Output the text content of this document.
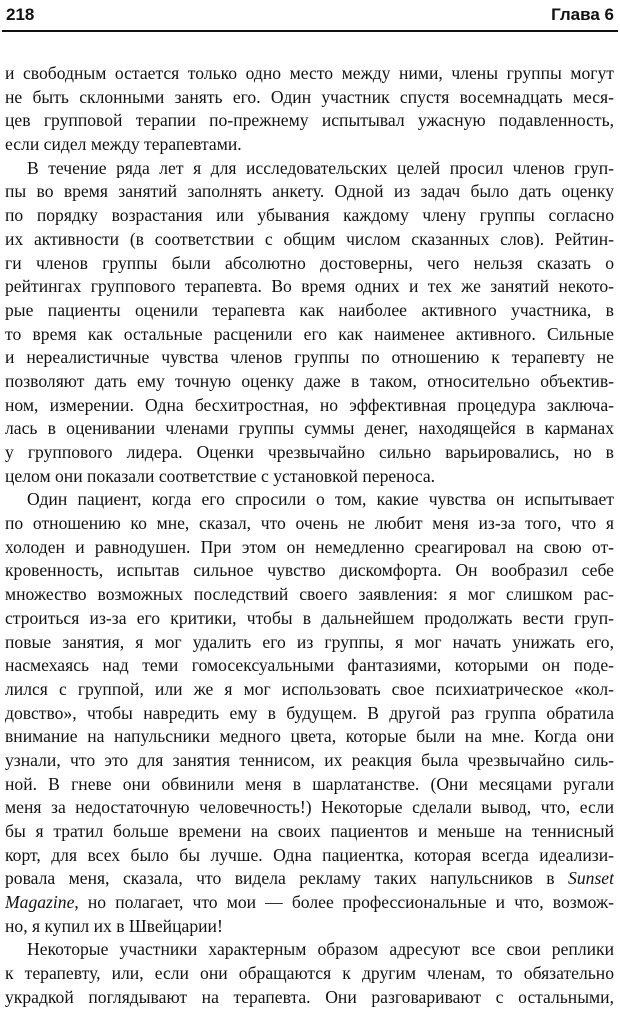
218	Глава 6
и свободным остается только одно место между ними, члены группы могут
не быть склонными занять его. Один участник спустя восемнадцать меся-
цев групповой терапии по-прежнему испытывал ужасную подавленность,
если сидел между терапевтами.
В течение ряда лет я для исследовательских целей просил членов груп-
пы во время занятий заполнять анкету. Одной из задач было дать оценку
по порядку возрастания или убывания каждому члену группы согласно
их активности (в соответствии с общим числом сказанных слов). Рейтин-
ги членов группы были абсолютно достоверны, чего нельзя сказать о
рейтингах группового терапевта. Во время одних и тех же занятий некото-
рые пациенты оценили терапевта как наиболее активного участника, в
то время как остальные расценили его как наименее активного. Сильные
и нереалистичные чувства членов группы по отношению к терапевту не
позволяют дать ему точную оценку даже в таком, относительно объектив-
ном, измерении. Одна бесхитростная, но эффективная процедура заключа-
лась в оценивании членами группы суммы денег, находящейся в карманах
у группового лидера. Оценки чрезвычайно сильно варьировались, но в
целом они показали соответствие с установкой переноса.
Один пациент, когда его спросили о том, какие чувства он испытывает
по отношению ко мне, сказал, что очень не любит меня из-за того, что я
холоден и равнодушен. При этом он немедленно среагировал на свою от-
кровенность, испытав сильное чувство дискомфорта. Он вообразил себе
множество возможных последствий своего заявления: я мог слишком рас-
строиться из-за его критики, чтобы в дальнейшем продолжать вести груп-
повые занятия, я мог удалить его из группы, я мог начать унижать его,
насмехаясь над теми гомосексуальными фантазиями, которыми он поде-
лился с группой, или же я мог использовать свое психиатрическое «кол-
довство», чтобы навредить ему в будущем. В другой раз группа обратила
внимание на напульсники медного цвета, которые были на мне. Когда они
узнали, что это для занятия теннисом, их реакция была чрезвычайно силь-
ной. В гневе они обвинили меня в шарлатанстве. (Они месяцами ругали
меня за недостаточную человечность!) Некоторые сделали вывод, что, если
бы я тратил больше времени на своих пациентов и меньше на теннисный
корт, для всех было бы лучше. Одна пациентка, которая всегда идеализи-
ровала меня, сказала, что видела рекламу таких напульсников в Sunset
Magazine, но полагает, что мои — более профессиональные и что, возмож-
но, я купил их в Швейцарии!
Некоторые участники характерным образом адресуют все свои реплики
к терапевту, или, если они обращаются к другим членам, то обязательно
украдкой поглядывают на терапевта. Они разговаривают с остальными,
